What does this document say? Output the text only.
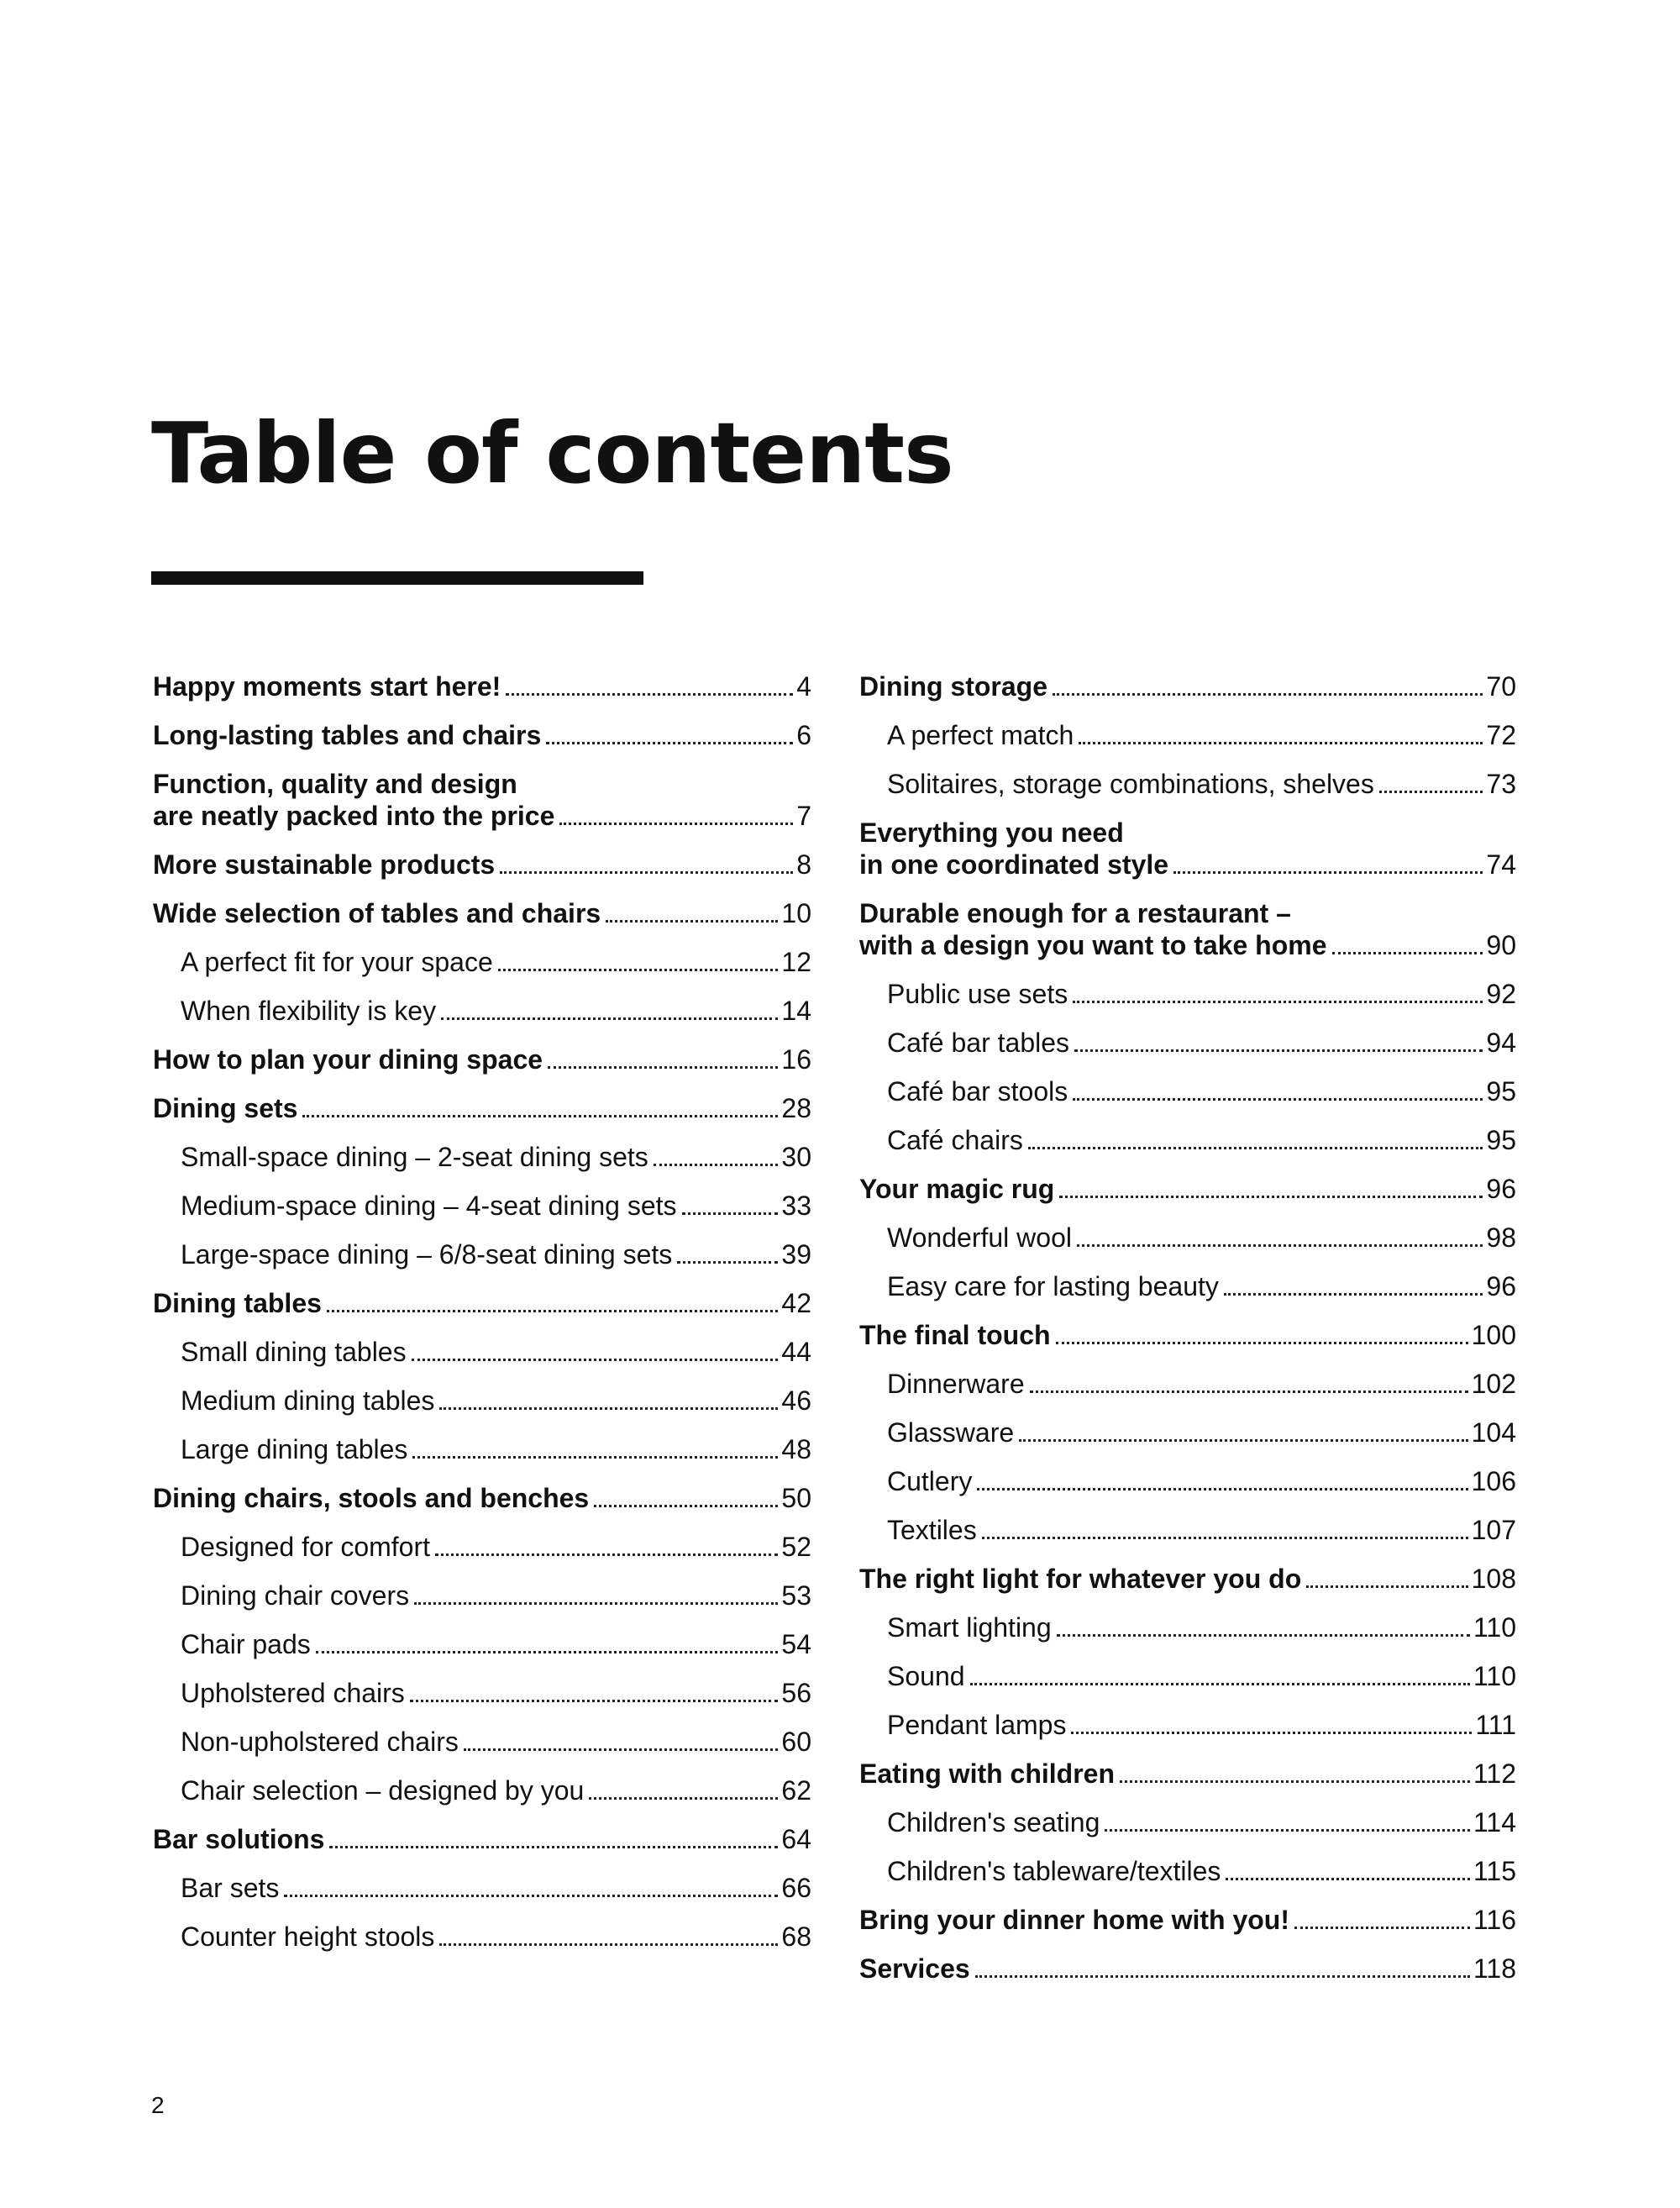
Table of contents
Happy moments start here!	4
Long-lasting tables and chairs	6
Function, quality and design
are neatly packed into the price	7
More sustainable products	8
Wide selection of tables and chairs	10
A perfect fit for your space	12
When flexibility is key	14
How to plan your dining space	16
Dining sets	28
Small-space dining – 2-seat dining sets	30
Medium-space dining – 4-seat dining sets	33
Large-space dining – 6/8-seat dining sets	39
Dining tables	42
Small dining tables	44
Medium dining tables	46
Large dining tables	48
Dining chairs, stools and benches	50
Designed for comfort	52
Dining chair covers	53
Chair pads	54
Upholstered chairs	56
Non-upholstered chairs	60
Chair selection – designed by you	62
Bar solutions	64
Bar sets	66
Counter height stools	68
Dining storage	70
A perfect match	72
Solitaires, storage combinations, shelves	73
Everything you need
in one coordinated style	74
Durable enough for a restaurant –
with a design you want to take home	90
Public use sets	92
Café bar tables	94
Café bar stools	95
Café chairs	95
Your magic rug	96
Wonderful wool	98
Easy care for lasting beauty	96
The final touch	100
Dinnerware	102
Glassware	104
Cutlery	106
Textiles	107
The right light for whatever you do	108
Smart lighting	110
Sound	110
Pendant lamps	111
Eating with children	112
Children's seating	114
Children's tableware/textiles	115
Bring your dinner home with you!	116
Services	118
2
